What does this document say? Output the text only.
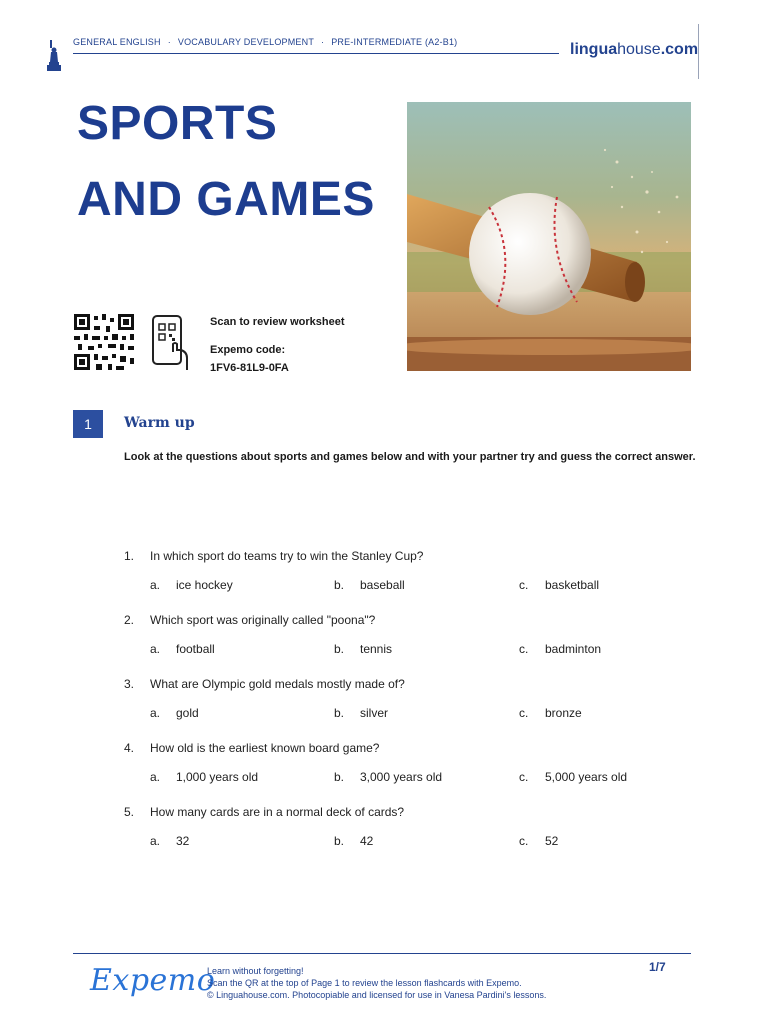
GENERAL ENGLISH · VOCABULARY DEVELOPMENT · PRE-INTERMEDIATE (A2-B1)	linguahouse.com
SPORTS
AND GAMES
Scan to review worksheet
Expemo code:
1FV6-81L9-0FA
1	Warm up
Look at the questions about sports and games below and with your partner try and guess the correct answer.
1. In which sport do teams try to win the Stanley Cup?
a. ice hockey	b. baseball	c. basketball
2. Which sport was originally called "poona"?
a. football	b. tennis	c. badminton
3. What are Olympic gold medals mostly made of?
a. gold	b. silver	c. bronze
4. How old is the earliest known board game?
a. 1,000 years old	b. 3,000 years old	c. 5,000 years old
5. How many cards are in a normal deck of cards?
a. 32	b. 42	c. 52
Expemo
Learn without forgetting!
Scan the QR at the top of Page 1 to review the lesson flashcards with Expemo.
© Linguahouse.com. Photocopiable and licensed for use in Vanesa Pardini's lessons.
1/7
